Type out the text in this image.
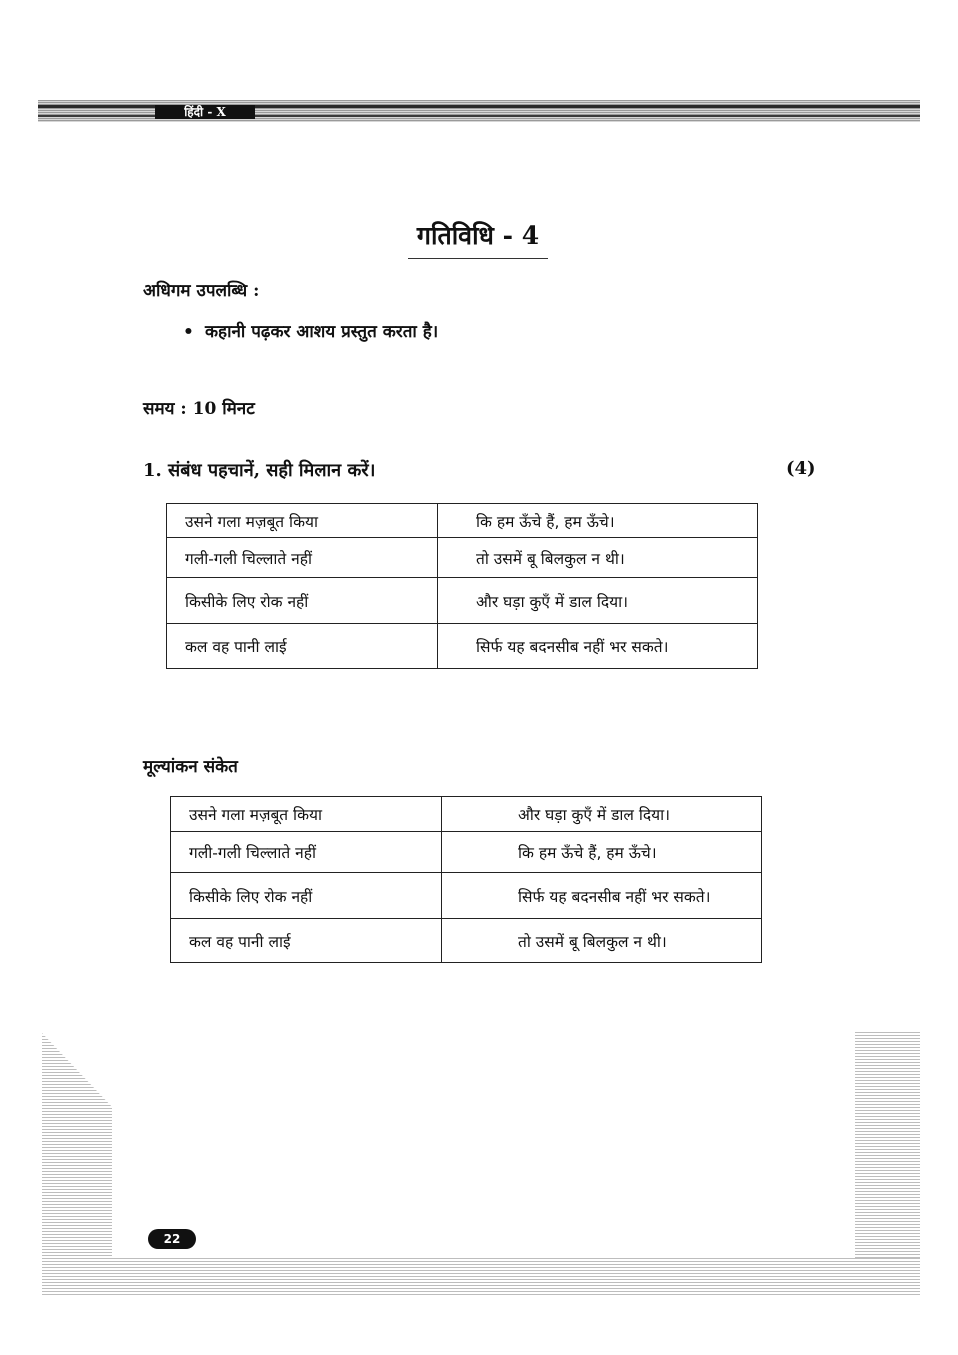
हिंदी - X
गतिविधि - 4
अधिगम उपलब्धि :
• कहानी पढ़कर आशय प्रस्तुत करता है।
समय : 10 मिनट
1. संबंध पहचानें, सही मिलान करें।	(4)
उसने गला मज़बूत किया	कि हम ऊँचे हैं, हम ऊँचे।
गली-गली चिल्लाते नहीं	तो उसमें बू बिलकुल न थी।
किसीके लिए रोक नहीं	और घड़ा कुएँ में डाल दिया।
कल वह पानी लाई	सिर्फ यह बदनसीब नहीं भर सकते।
मूल्यांकन संकेत
उसने गला मज़बूत किया	और घड़ा कुएँ में डाल दिया।
गली-गली चिल्लाते नहीं	कि हम ऊँचे हैं, हम ऊँचे।
किसीके लिए रोक नहीं	सिर्फ यह बदनसीब नहीं भर सकते।
कल वह पानी लाई	तो उसमें बू बिलकुल न थी।
22
